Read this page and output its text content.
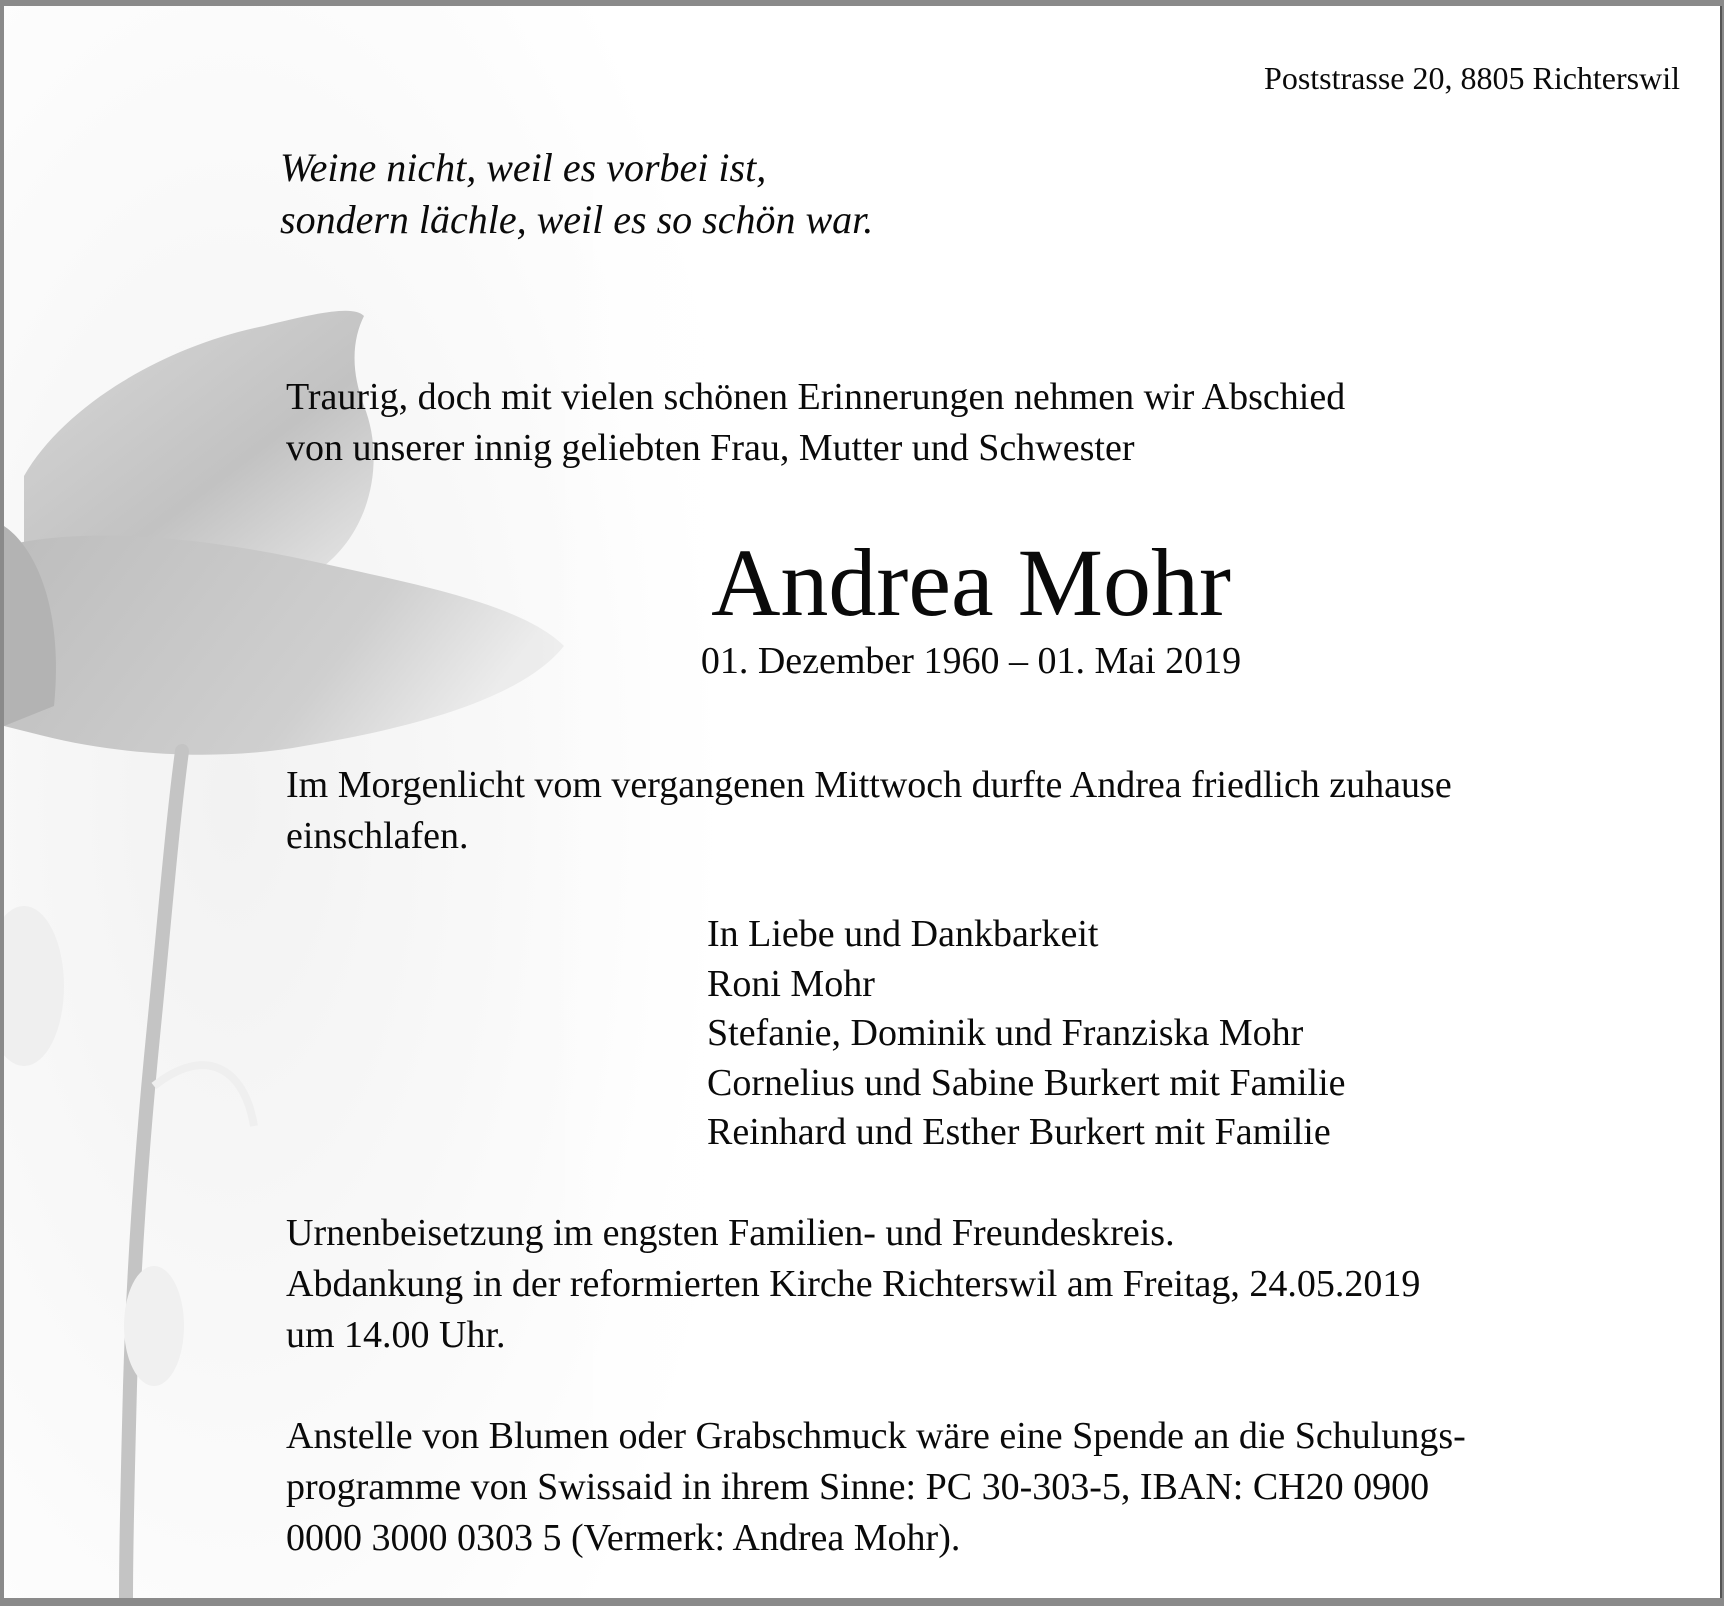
Poststrasse 20, 8805 Richterswil

Weine nicht, weil es vorbei ist,
sondern lächle, weil es so schön war.
Traurig, doch mit vielen schönen Erinnerungen nehmen wir Abschied
von unserer innig geliebten Frau, Mutter und Schwester
Andrea Mohr
01. Dezember 1960 – 01. Mai 2019
Im Morgenlicht vom vergangenen Mittwoch durfte Andrea friedlich zuhause
einschlafen.
In Liebe und Dankbarkeit
Roni Mohr
Stefanie, Dominik und Franziska Mohr
Cornelius und Sabine Burkert mit Familie
Reinhard und Esther Burkert mit Familie
Urnenbeisetzung im engsten Familien- und Freundeskreis.
Abdankung in der reformierten Kirche Richterswil am Freitag, 24.05.2019
um 14.00 Uhr.
Anstelle von Blumen oder Grabschmuck wäre eine Spende an die Schulungs-
programme von Swissaid in ihrem Sinne: PC 30-303-5, IBAN: CH20 0900
0000 3000 0303 5 (Vermerk: Andrea Mohr).
